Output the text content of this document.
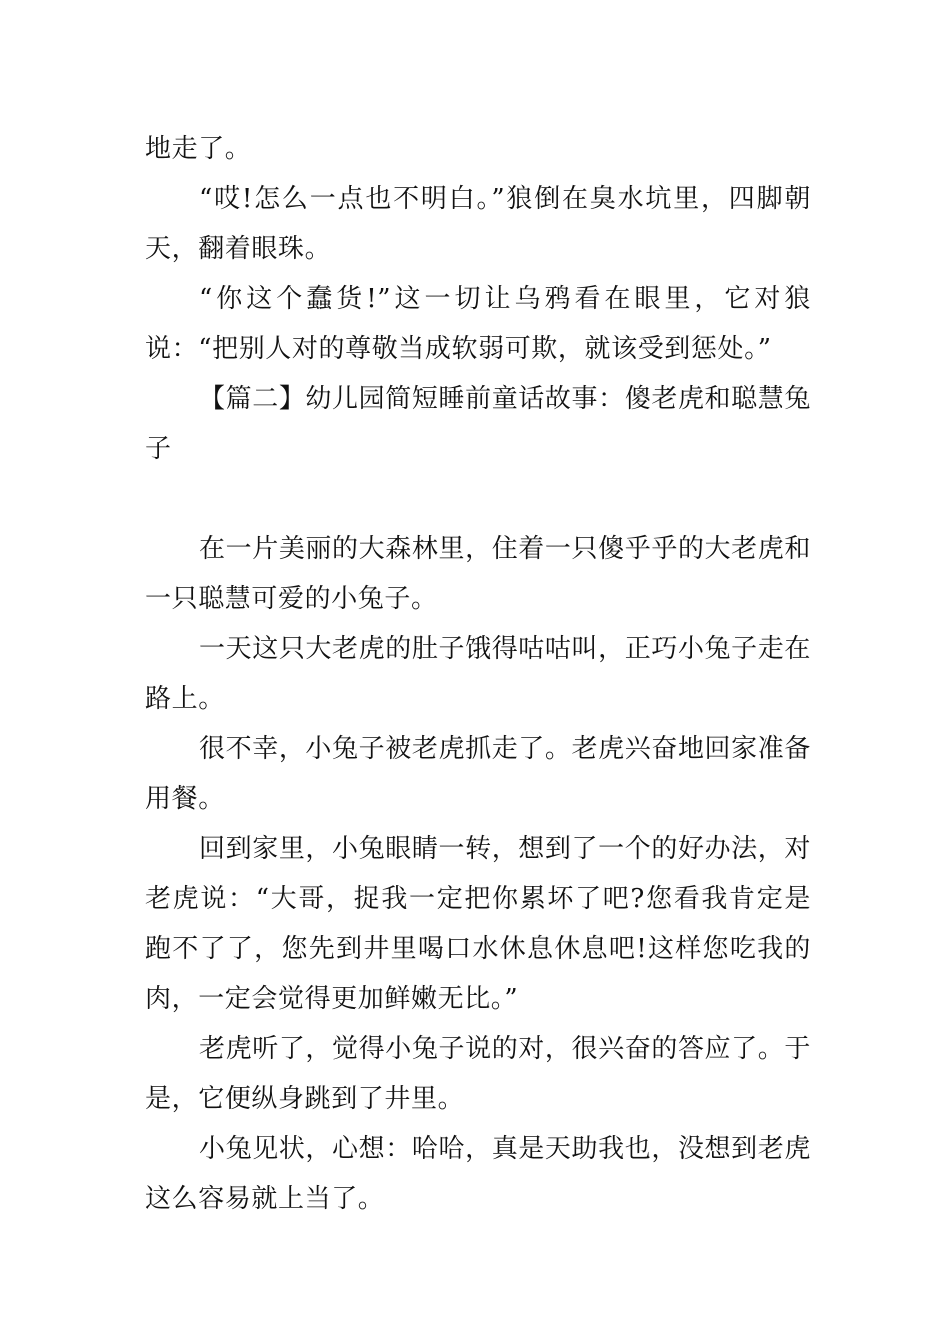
地走了。

“哎!怎么一点也不明白。”狼倒在臭水坑里，四脚朝天，翻着眼珠。

“你这个蠢货!”这一切让乌鸦看在眼里，它对狼说：“把别人对的尊敬当成软弱可欺，就该受到惩处。”

【篇二】幼儿园简短睡前童话故事：傻老虎和聪慧兔子

在一片美丽的大森林里，住着一只傻乎乎的大老虎和一只聪慧可爱的小兔子。

一天这只大老虎的肚子饿得咕咕叫，正巧小兔子走在路上。

很不幸，小兔子被老虎抓走了。老虎兴奋地回家准备用餐。

回到家里，小兔眼睛一转，想到了一个的好办法，对老虎说：“大哥，捉我一定把你累坏了吧?您看我肯定是跑不了了，您先到井里喝口水休息休息吧!这样您吃我的肉，一定会觉得更加鲜嫩无比。”

老虎听了，觉得小兔子说的对，很兴奋的答应了。于是，它便纵身跳到了井里。

小兔见状，心想：哈哈，真是天助我也，没想到老虎这么容易就上当了。
